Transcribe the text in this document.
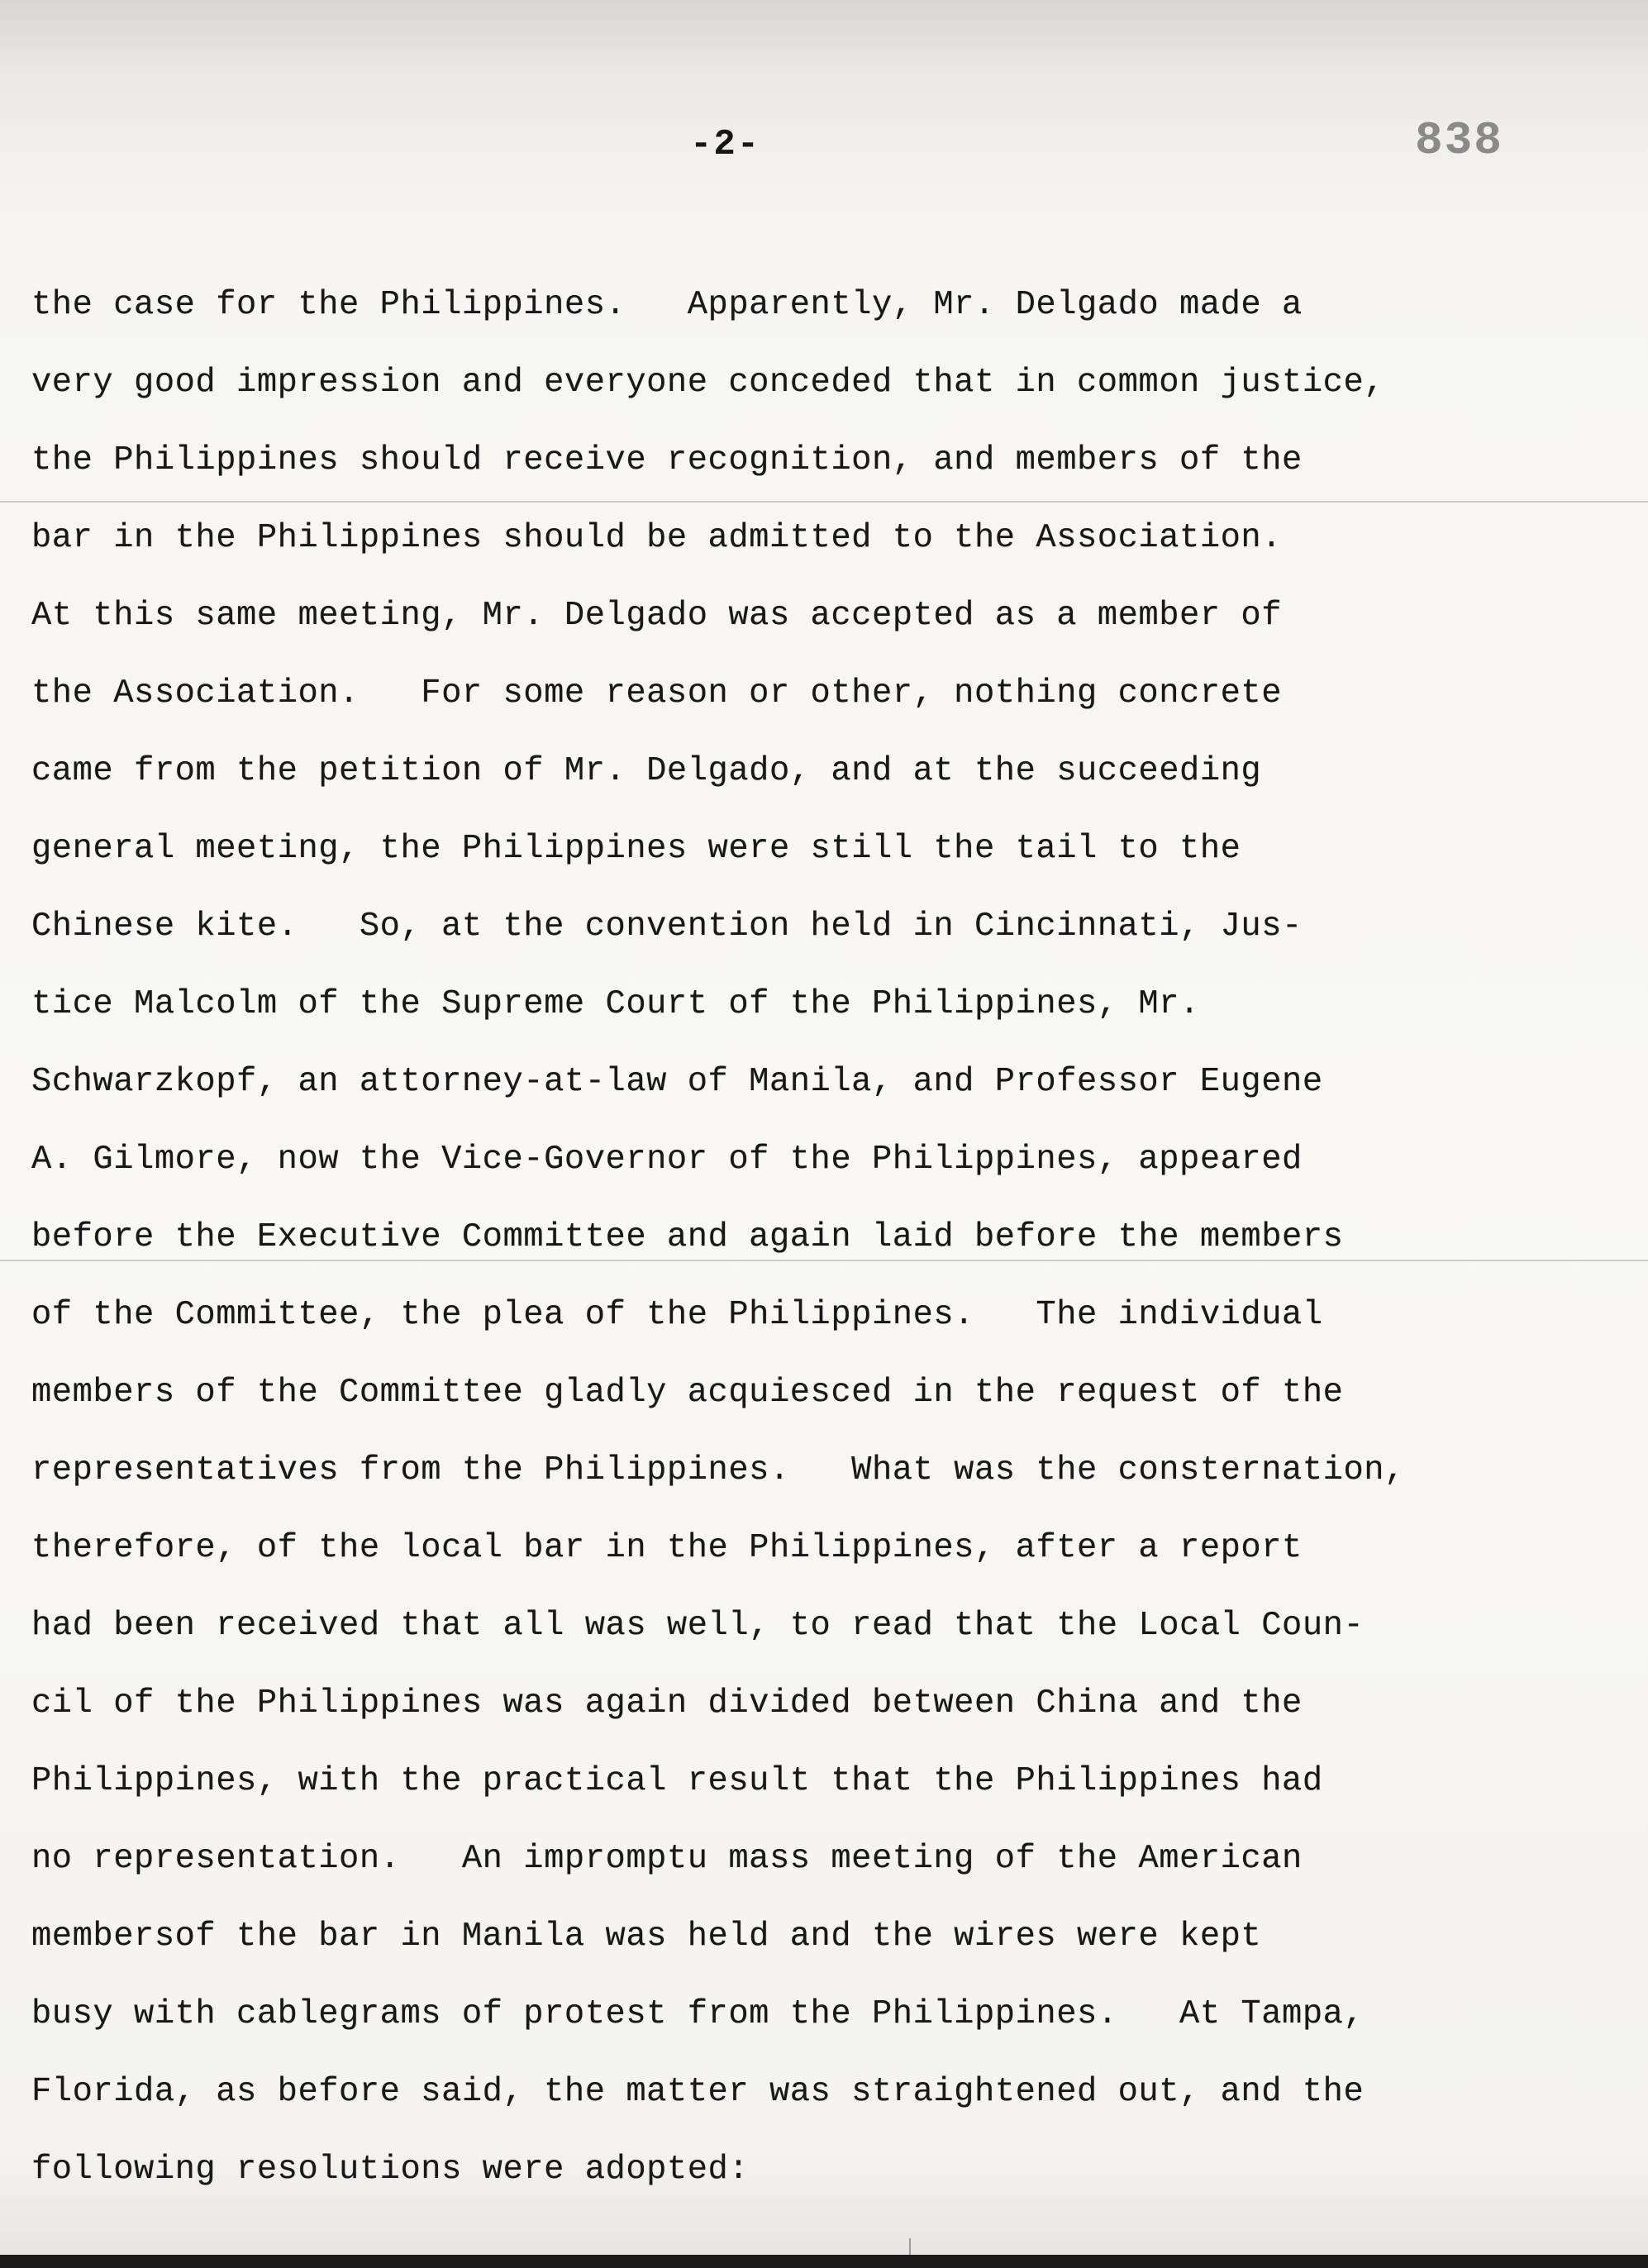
-2-	838
the case for the Philippines.   Apparently, Mr. Delgado made a
very good impression and everyone conceded that in common justice,
the Philippines should receive recognition, and members of the
bar in the Philippines should be admitted to the Association.
At this same meeting, Mr. Delgado was accepted as a member of
the Association.   For some reason or other, nothing concrete
came from the petition of Mr. Delgado, and at the succeeding
general meeting, the Philippines were still the tail to the
Chinese kite.   So, at the convention held in Cincinnati, Jus-
tice Malcolm of the Supreme Court of the Philippines, Mr.
Schwarzkopf, an attorney-at-law of Manila, and Professor Eugene
A. Gilmore, now the Vice-Governor of the Philippines, appeared
before the Executive Committee and again laid before the members
of the Committee, the plea of the Philippines.   The individual
members of the Committee gladly acquiesced in the request of the
representatives from the Philippines.   What was the consternation,
therefore, of the local bar in the Philippines, after a report
had been received that all was well, to read that the Local Coun-
cil of the Philippines was again divided between China and the
Philippines, with the practical result that the Philippines had
no representation.   An impromptu mass meeting of the American
membersof the bar in Manila was held and the wires were kept
busy with cablegrams of protest from the Philippines.   At Tampa,
Florida, as before said, the matter was straightened out, and the
following resolutions were adopted:
